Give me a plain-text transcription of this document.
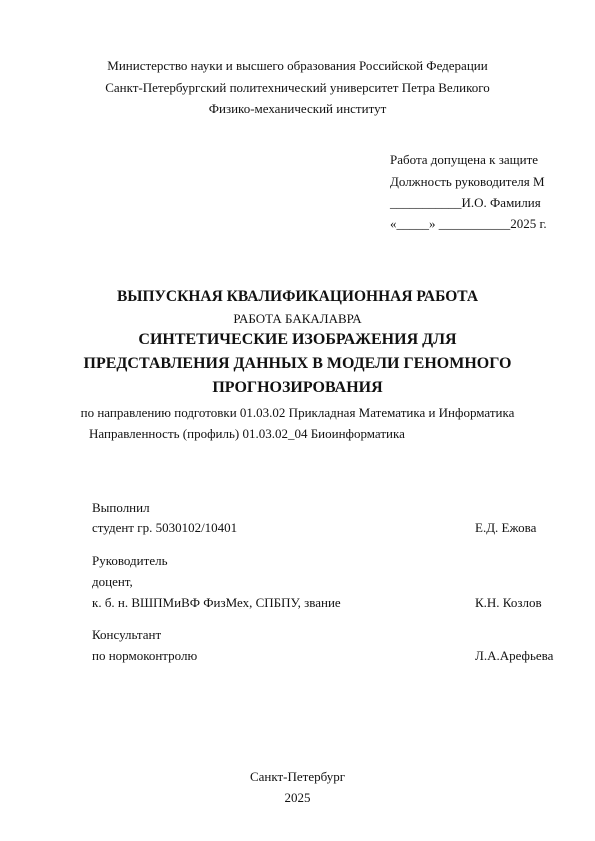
Министерство науки и высшего образования Российской Федерации
Санкт-Петербургский политехнический университет Петра Великого
Физико-механический институт
Работа допущена к защите
Должность руководителя М
___________И.О. Фамилия
«_____» ___________2025 г.
ВЫПУСКНАЯ КВАЛИФИКАЦИОННАЯ РАБОТА
РАБОТА БАКАЛАВРА
СИНТЕТИЧЕСКИЕ ИЗОБРАЖЕНИЯ ДЛЯ
ПРЕДСТАВЛЕНИЯ ДАННЫХ В МОДЕЛИ ГЕНОМНОГО
ПРОГНОЗИРОВАНИЯ
по направлению подготовки 01.03.02 Прикладная Математика и Информатика
Направленность (профиль) 01.03.02_04 Биоинформатика
Выполнил
студент гр. 5030102/10401	Е.Д. Ежова
Руководитель
доцент,
к. б. н. ВШПМиВФ ФизМех, СПБПУ, звание	К.Н. Козлов
Консультант
по нормоконтролю	Л.А.Арефьева
Санкт-Петербург
2025
